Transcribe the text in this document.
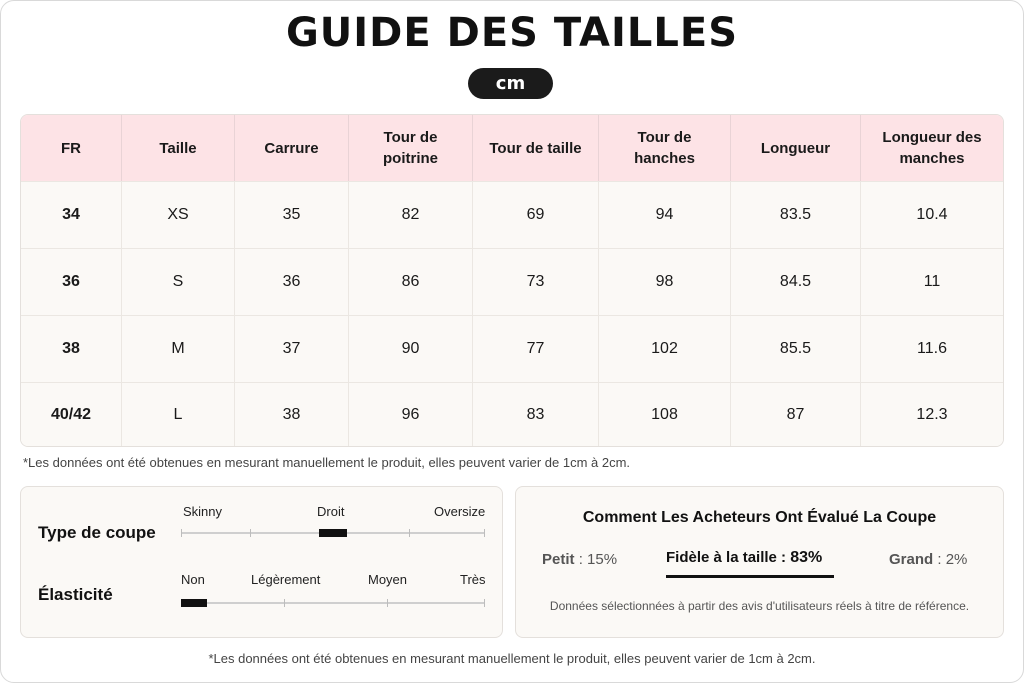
GUIDE DES TAILLES
cm
FR	Taille	Carrure	Tour de poitrine	Tour de taille	Tour de hanches	Longueur	Longueur des manches
34	XS	35	82	69	94	83.5	10.4
36	S	36	86	73	98	84.5	11
38	M	37	90	77	102	85.5	11.6
40/42	L	38	96	83	108	87	12.3
*Les données ont été obtenues en mesurant manuellement le produit, elles peuvent varier de 1cm à 2cm.
Type de coupe
Skinny	Droit	Oversize
Élasticité
Non	Légèrement	Moyen	Très
Comment Les Acheteurs Ont Évalué La Coupe
Petit : 15%	Fidèle à la taille : 83%	Grand : 2%
Données sélectionnées à partir des avis d'utilisateurs réels à titre de référence.
*Les données ont été obtenues en mesurant manuellement le produit, elles peuvent varier de 1cm à 2cm.
